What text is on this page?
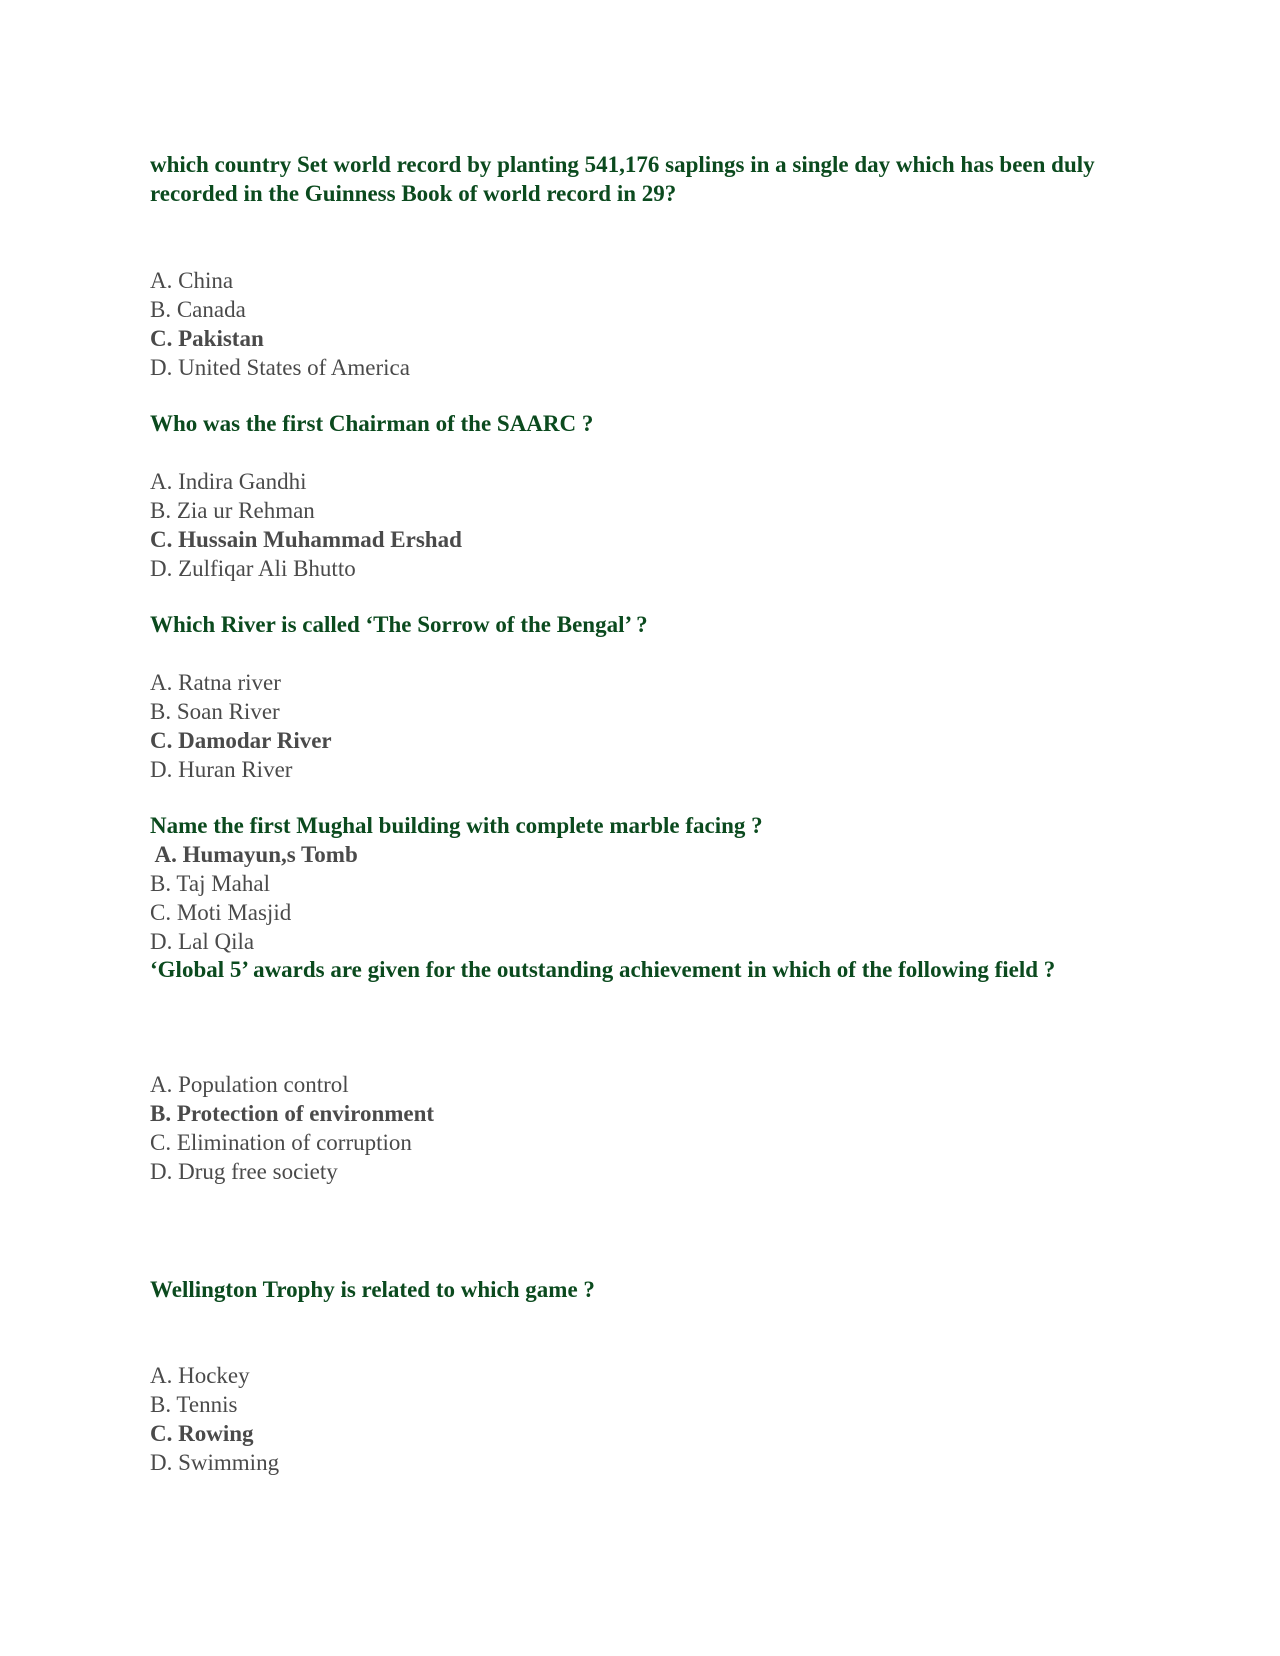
which country Set world record by planting 541,176 saplings in a single day which has been duly recorded in the Guinness Book of world record in 29?

A. China

B. Canada

C. Pakistan

D. United States of America

Who was the first Chairman of the SAARC ?

A. Indira Gandhi

B. Zia ur Rehman

C. Hussain Muhammad Ershad

D. Zulfiqar Ali Bhutto

Which River is called ‘The Sorrow of the Bengal’ ?

A. Ratna river

B. Soan River

C. Damodar River

D. Huran River

Name the first Mughal building with complete marble facing ?

A. Humayun,s Tomb

B. Taj Mahal

C. Moti Masjid

D. Lal Qila

‘Global 5’ awards are given for the outstanding achievement in which of the following field ?

A. Population control

B. Protection of environment

C. Elimination of corruption

D. Drug free society

Wellington Trophy is related to which game ?

A. Hockey

B. Tennis

C. Rowing

D. Swimming
